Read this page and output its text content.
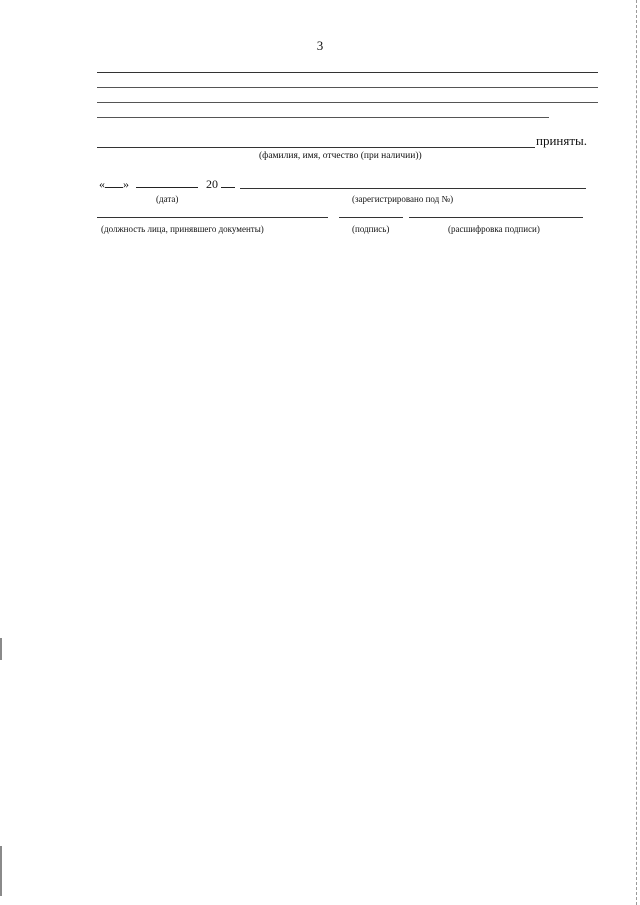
3
приняты.
(фамилия, имя, отчество (при наличии))
« »	20
(дата)	(зарегистрировано под №)
(должность лица, принявшего документы)	(подпись)	(расшифровка подписи)
